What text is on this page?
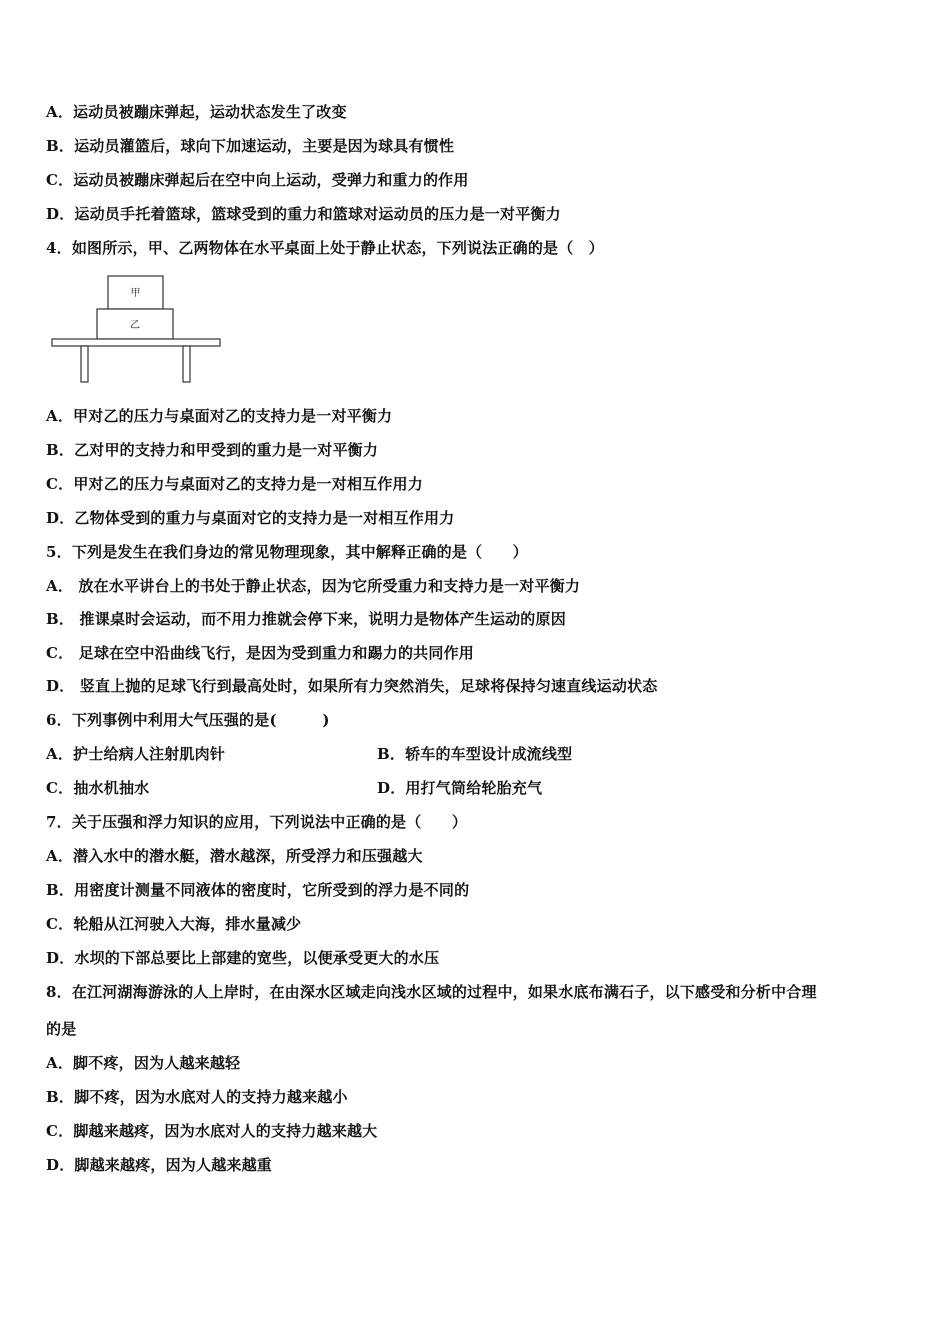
A．运动员被蹦床弹起，运动状态发生了改变
B．运动员灌篮后，球向下加速运动，主要是因为球具有惯性
C．运动员被蹦床弹起后在空中向上运动，受弹力和重力的作用
D．运动员手托着篮球，篮球受到的重力和篮球对运动员的压力是一对平衡力
4．如图所示，甲、乙两物体在水平桌面上处于静止状态，下列说法正确的是（　）
甲
乙
A．甲对乙的压力与桌面对乙的支持力是一对平衡力
B．乙对甲的支持力和甲受到的重力是一对平衡力
C．甲对乙的压力与桌面对乙的支持力是一对相互作用力
D．乙物体受到的重力与桌面对它的支持力是一对相互作用力
5．下列是发生在我们身边的常见物理现象，其中解释正确的是（　　）
A． 放在水平讲台上的书处于静止状态，因为它所受重力和支持力是一对平衡力
B． 推课桌时会运动，而不用力推就会停下来，说明力是物体产生运动的原因
C． 足球在空中沿曲线飞行，是因为受到重力和踢力的共同作用
D． 竖直上抛的足球飞行到最高处时，如果所有力突然消失，足球将保持匀速直线运动状态
6．下列事例中利用大气压强的是(　　　)
A．护士给病人注射肌肉针	B．轿车的车型设计成流线型
C．抽水机抽水	D．用打气筒给轮胎充气
7．关于压强和浮力知识的应用，下列说法中正确的是（　　）
A．潜入水中的潜水艇，潜水越深，所受浮力和压强越大
B．用密度计测量不同液体的密度时，它所受到的浮力是不同的
C．轮船从江河驶入大海，排水量减少
D．水坝的下部总要比上部建的宽些，以便承受更大的水压
8．在江河湖海游泳的人上岸时，在由深水区域走向浅水区域的过程中，如果水底布满石子，以下感受和分析中合理
的是
A．脚不疼，因为人越来越轻
B．脚不疼，因为水底对人的支持力越来越小
C．脚越来越疼，因为水底对人的支持力越来越大
D．脚越来越疼，因为人越来越重
